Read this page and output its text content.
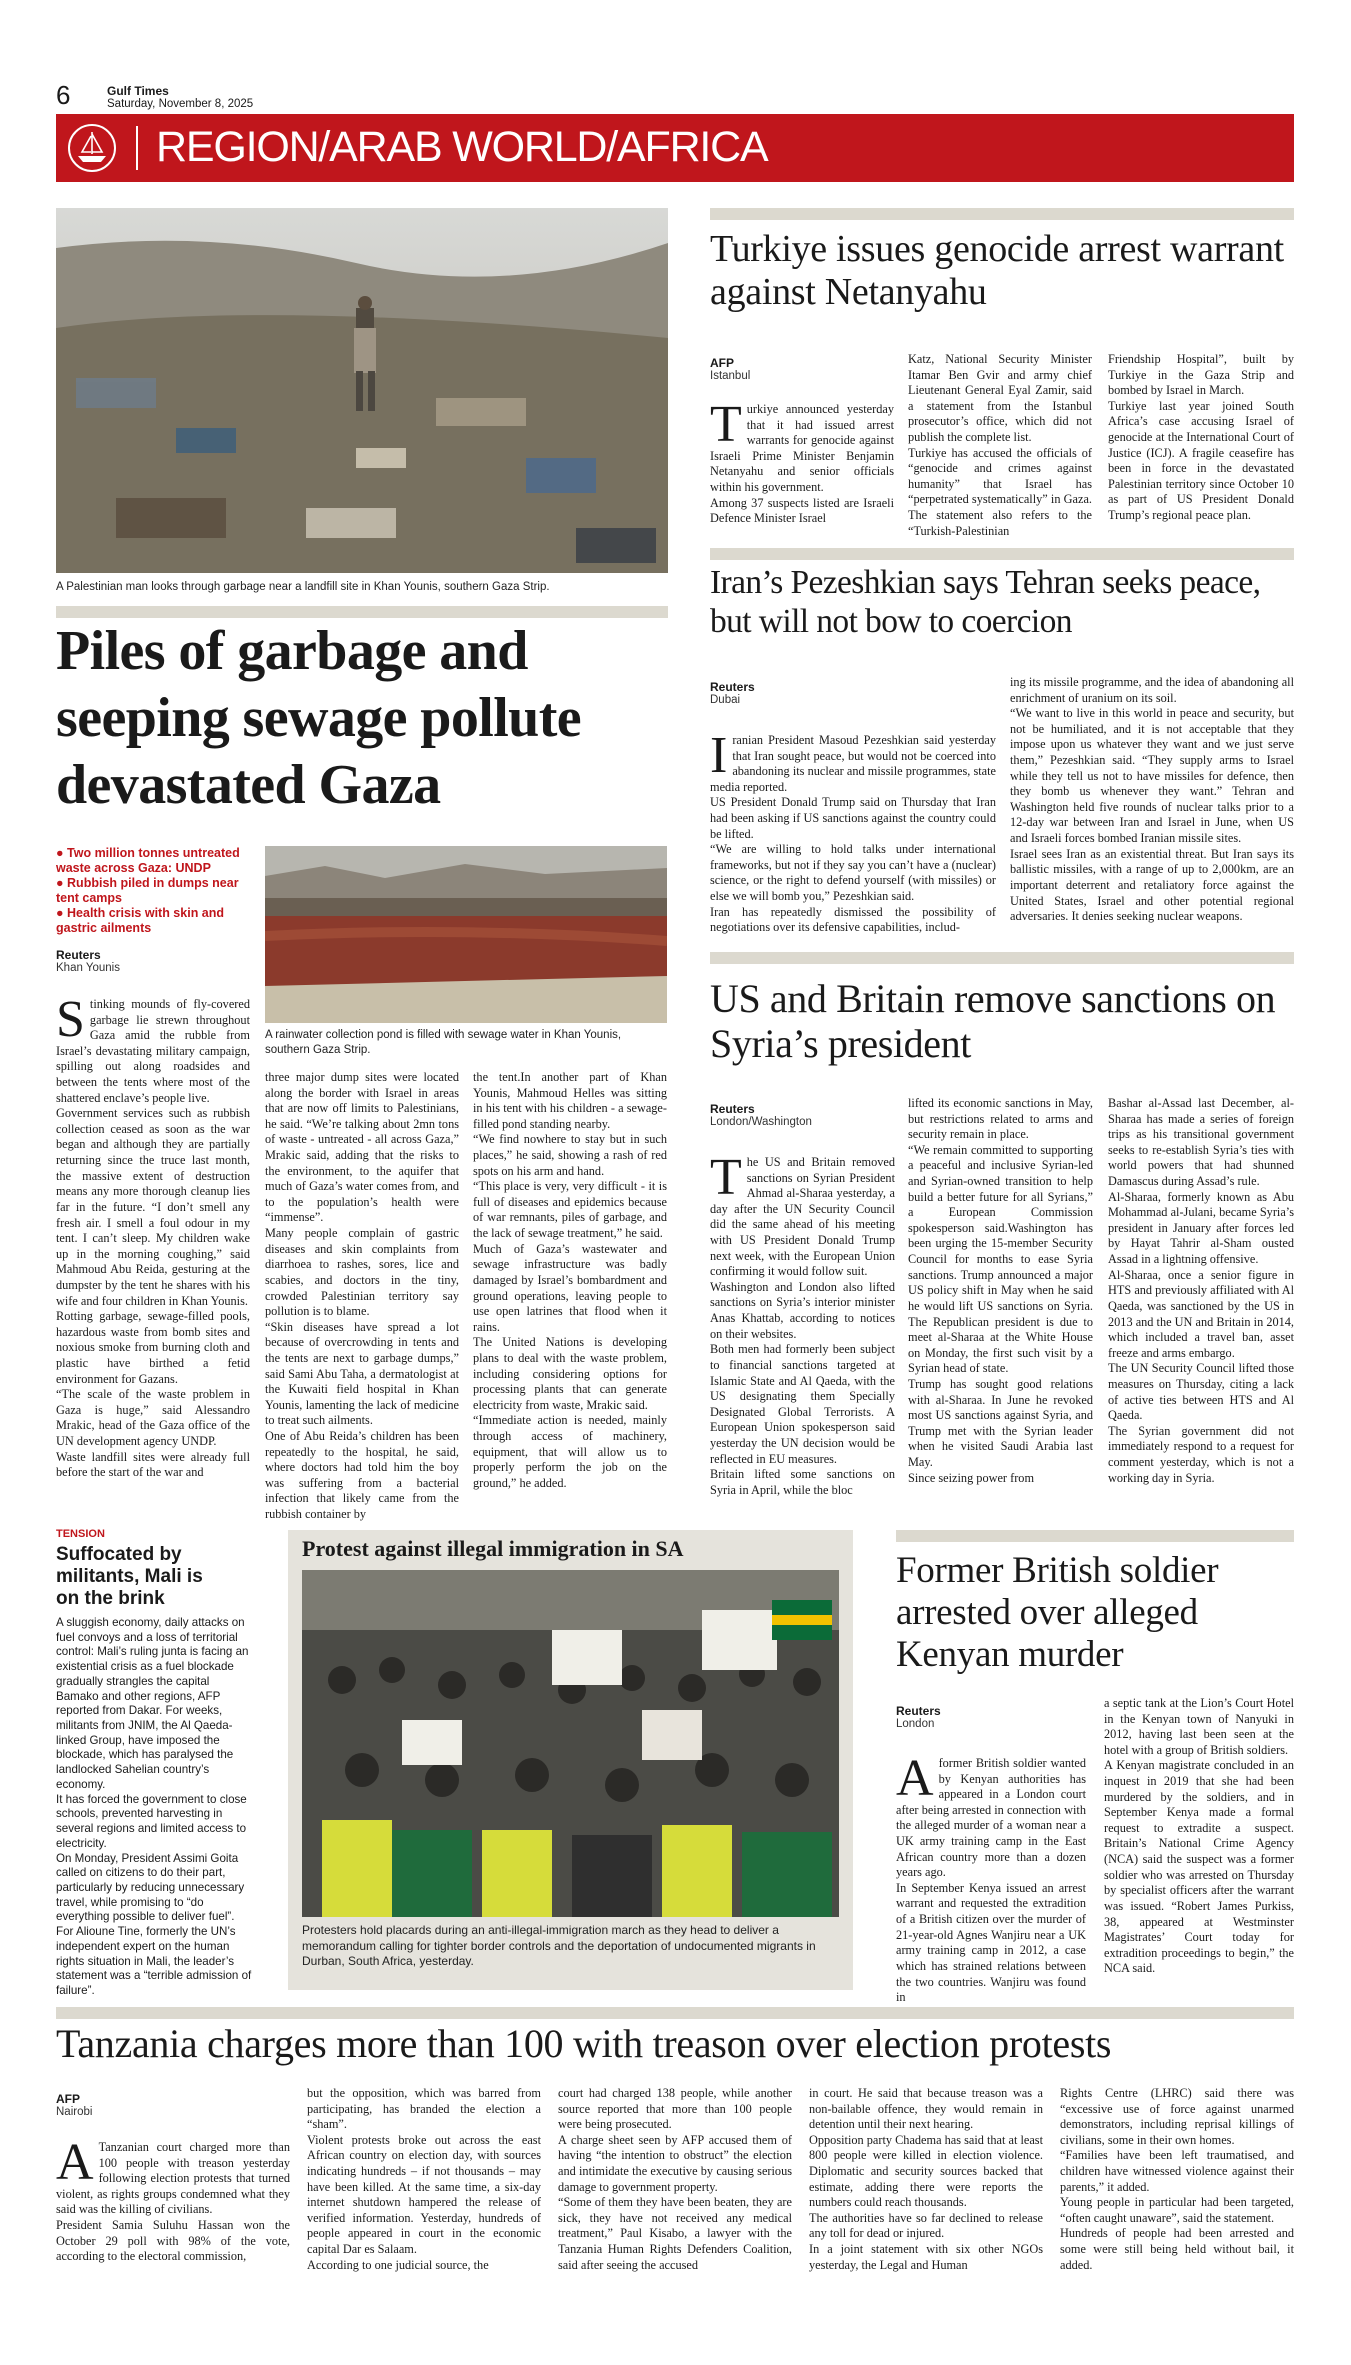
6	Gulf Times
Saturday, November 8, 2025
REGION/ARAB WORLD/AFRICA
A Palestinian man looks through garbage near a landfill site in Khan Younis, southern Gaza Strip.
Piles of garbage and seeping sewage pollute devastated Gaza
● Two million tonnes untreated waste across Gaza: UNDP
● Rubbish piled in dumps near tent camps
● Health crisis with skin and gastric ailments
Reuters
Khan Younis
A rainwater collection pond is filled with sewage water in Khan Younis, southern Gaza Strip.
S tinking mounds of fly-covered garbage lie strewn throughout Gaza amid the rubble from Israel’s devastating military campaign, spilling out along roadsides and between the tents where most of the shattered enclave’s people live.
Government services such as rubbish collection ceased as soon as the war began and although they are partially returning since the truce last month, the massive extent of destruction means any more thorough cleanup lies far in the future. “I don’t smell any fresh air. I smell a foul odour in my tent. I can’t sleep. My children wake up in the morning coughing,” said Mahmoud Abu Reida, gesturing at the dumpster by the tent he shares with his wife and four children in Khan Younis.
Rotting garbage, sewage-filled pools, hazardous waste from bomb sites and noxious smoke from burning cloth and plastic have birthed a fetid environment for Gazans.
“The scale of the waste problem in Gaza is huge,” said Alessandro Mrakic, head of the Gaza office of the UN development agency UNDP.
Waste landfill sites were already full before the start of the war and
three major dump sites were located along the border with Israel in areas that are now off limits to Palestinians, he said. “We’re talking about 2mn tons of waste - untreated - all across Gaza,” Mrakic said, adding that the risks to the environment, to the aquifer that much of Gaza’s water comes from, and to the population’s health were “immense”.
Many people complain of gastric diseases and skin complaints from diarrhoea to rashes, sores, lice and scabies, and doctors in the tiny, crowded Palestinian territory say pollution is to blame.
“Skin diseases have spread a lot because of overcrowding in tents and the tents are next to garbage dumps,” said Sami Abu Taha, a dermatologist at the Kuwaiti field hospital in Khan Younis, lamenting the lack of medicine to treat such ailments.
One of Abu Reida’s children has been repeatedly to the hospital, he said, where doctors had told him the boy was suffering from a bacterial infection that likely came from the rubbish container by
the tent.In another part of Khan Younis, Mahmoud Helles was sitting in his tent with his children - a sewage-filled pond standing nearby.
“We find nowhere to stay but in such places,” he said, showing a rash of red spots on his arm and hand.
“This place is very, very difficult - it is full of diseases and epidemics because of war remnants, piles of garbage, and the lack of sewage treatment,” he said.
Much of Gaza’s wastewater and sewage infrastructure was badly damaged by Israel’s bombardment and ground operations, leaving people to use open latrines that flood when it rains.
The United Nations is developing plans to deal with the waste problem, including considering options for processing plants that can generate electricity from waste, Mrakic said.
“Immediate action is needed, mainly through access of machinery, equipment, that will allow us to properly perform the job on the ground,” he added.
Turkiye issues genocide arrest warrant against Netanyahu
AFP
Istanbul
T urkiye announced yesterday that it had issued arrest warrants for genocide against Israeli Prime Minister Benjamin Netanyahu and senior officials within his government.
Among 37 suspects listed are Israeli Defence Minister Israel
Katz, National Security Minister Itamar Ben Gvir and army chief Lieutenant General Eyal Zamir, said a statement from the Istanbul prosecutor’s office, which did not publish the complete list.
Turkiye has accused the officials of “genocide and crimes against humanity” that Israel has “perpetrated systematically” in Gaza. The statement also refers to the “Turkish-Palestinian
Friendship Hospital”, built by Turkiye in the Gaza Strip and bombed by Israel in March.
Turkiye last year joined South Africa’s case accusing Israel of genocide at the International Court of Justice (ICJ). A fragile ceasefire has been in force in the devastated Palestinian territory since October 10 as part of US President Donald Trump’s regional peace plan.
Iran’s Pezeshkian says Tehran seeks peace, but will not bow to coercion
Reuters
Dubai
I ranian President Masoud Pezeshkian said yesterday that Iran sought peace, but would not be coerced into abandoning its nuclear and missile programmes, state media reported.
US President Donald Trump said on Thursday that Iran had been asking if US sanctions against the country could be lifted.
“We are willing to hold talks under international frameworks, but not if they say you can’t have a (nuclear) science, or the right to defend yourself (with missiles) or else we will bomb you,” Pezeshkian said.
Iran has repeatedly dismissed the possibility of negotiations over its defensive capabilities, includ-
ing its missile programme, and the idea of abandoning all enrichment of uranium on its soil.
“We want to live in this world in peace and security, but not be humiliated, and it is not acceptable that they impose upon us whatever they want and we just serve them,” Pezeshkian said. “They supply arms to Israel while they tell us not to have missiles for defence, then they bomb us whenever they want.” Tehran and Washington held five rounds of nuclear talks prior to a 12-day war between Iran and Israel in June, when US and Israeli forces bombed Iranian missile sites.
Israel sees Iran as an existential threat. But Iran says its ballistic missiles, with a range of up to 2,000km, are an important deterrent and retaliatory force against the United States, Israel and other potential regional adversaries. It denies seeking nuclear weapons.
US and Britain remove sanctions on Syria’s president
Reuters
London/Washington
T he US and Britain removed sanctions on Syrian President Ahmad al-Sharaa yesterday, a day after the UN Security Council did the same ahead of his meeting with US President Donald Trump next week, with the European Union confirming it would follow suit.
Washington and London also lifted sanctions on Syria’s interior minister Anas Khattab, according to notices on their websites.
Both men had formerly been subject to financial sanctions targeted at Islamic State and Al Qaeda, with the US designating them Specially Designated Global Terrorists. A European Union spokesperson said yesterday the UN decision would be reflected in EU measures.
Britain lifted some sanctions on Syria in April, while the bloc
lifted its economic sanctions in May, but restrictions related to arms and security remain in place.
“We remain committed to supporting a peaceful and inclusive Syrian-led and Syrian-owned transition to help build a better future for all Syrians,” a European Commission spokesperson said.Washington has been urging the 15-member Security Council for months to ease Syria sanctions. Trump announced a major US policy shift in May when he said he would lift US sanctions on Syria. The Republican president is due to meet al-Sharaa at the White House on Monday, the first such visit by a Syrian head of state.
Trump has sought good relations with al-Sharaa. In June he revoked most US sanctions against Syria, and Trump met with the Syrian leader when he visited Saudi Arabia last May.
Since seizing power from
Bashar al-Assad last December, al-Sharaa has made a series of foreign trips as his transitional government seeks to re-establish Syria’s ties with world powers that had shunned Damascus during Assad’s rule.
Al-Sharaa, formerly known as Abu Mohammad al-Julani, became Syria’s president in January after forces led by Hayat Tahrir al-Sham ousted Assad in a lightning offensive.
Al-Sharaa, once a senior figure in HTS and previously affiliated with Al Qaeda, was sanctioned by the US in 2013 and the UN and Britain in 2014, which included a travel ban, asset freeze and arms embargo.
The UN Security Council lifted those measures on Thursday, citing a lack of active ties between HTS and Al Qaeda.
The Syrian government did not immediately respond to a request for comment yesterday, which is not a working day in Syria.
TENSION
Suffocated by militants, Mali is on the brink
A sluggish economy, daily attacks on fuel convoys and a loss of territorial control: Mali’s ruling junta is facing an existential crisis as a fuel blockade gradually strangles the capital Bamako and other regions, AFP reported from Dakar. For weeks, militants from JNIM, the Al Qaeda-linked Group, have imposed the blockade, which has paralysed the landlocked Sahelian country’s economy.
It has forced the government to close schools, prevented harvesting in several regions and limited access to electricity.
On Monday, President Assimi Goita called on citizens to do their part, particularly by reducing unnecessary travel, while promising to “do everything possible to deliver fuel”. For Alioune Tine, formerly the UN’s independent expert on the human rights situation in Mali, the leader’s statement was a “terrible admission of failure”.
Protest against illegal immigration in SA
Protesters hold placards during an anti-illegal-immigration march as they head to deliver a memorandum calling for tighter border controls and the deportation of undocumented migrants in Durban, South Africa, yesterday.
Former British soldier arrested over alleged Kenyan murder
Reuters
London
A former British soldier wanted by Kenyan authorities has appeared in a London court after being arrested in connection with the alleged murder of a woman near a UK army training camp in the East African country more than a dozen years ago.
In September Kenya issued an arrest warrant and requested the extradition of a British citizen over the murder of 21-year-old Agnes Wanjiru near a UK army training camp in 2012, a case which has strained relations between the two countries. Wanjiru was found in
a septic tank at the Lion’s Court Hotel in the Kenyan town of Nanyuki in 2012, having last been seen at the hotel with a group of British soldiers.
A Kenyan magistrate concluded in an inquest in 2019 that she had been murdered by the soldiers, and in September Kenya made a formal request to extradite a suspect. Britain’s National Crime Agency (NCA) said the suspect was a former soldier who was arrested on Thursday by specialist officers after the warrant was issued. “Robert James Purkiss, 38, appeared at Westminster Magistrates’ Court today for extradition proceedings to begin,” the NCA said.
Tanzania charges more than 100 with treason over election protests
AFP
Nairobi
A Tanzanian court charged more than 100 people with treason yesterday following election protests that turned violent, as rights groups condemned what they said was the killing of civilians.
President Samia Suluhu Hassan won the October 29 poll with 98% of the vote, according to the electoral commission,
but the opposition, which was barred from participating, has branded the election a “sham”.
Violent protests broke out across the east African country on election day, with sources indicating hundreds – if not thousands – may have been killed. At the same time, a six-day internet shutdown hampered the release of verified information. Yesterday, hundreds of people appeared in court in the economic capital Dar es Salaam.
According to one judicial source, the
court had charged 138 people, while another source reported that more than 100 people were being prosecuted.
A charge sheet seen by AFP accused them of having “the intention to obstruct” the election and intimidate the executive by causing serious damage to government property.
“Some of them they have been beaten, they are sick, they have not received any medical treatment,” Paul Kisabo, a lawyer with the Tanzania Human Rights Defenders Coalition, said after seeing the accused
in court. He said that because treason was a non-bailable offence, they would remain in detention until their next hearing.
Opposition party Chadema has said that at least 800 people were killed in election violence. Diplomatic and security sources backed that estimate, adding there were reports the numbers could reach thousands.
The authorities have so far declined to release any toll for dead or injured.
In a joint statement with six other NGOs yesterday, the Legal and Human
Rights Centre (LHRC) said there was “excessive use of force against unarmed demonstrators, including reprisal killings of civilians, some in their own homes.
“Families have been left traumatised, and children have witnessed violence against their parents,” it added.
Young people in particular had been targeted, “often caught unaware”, said the statement.
Hundreds of people had been arrested and some were still being held without bail, it added.
